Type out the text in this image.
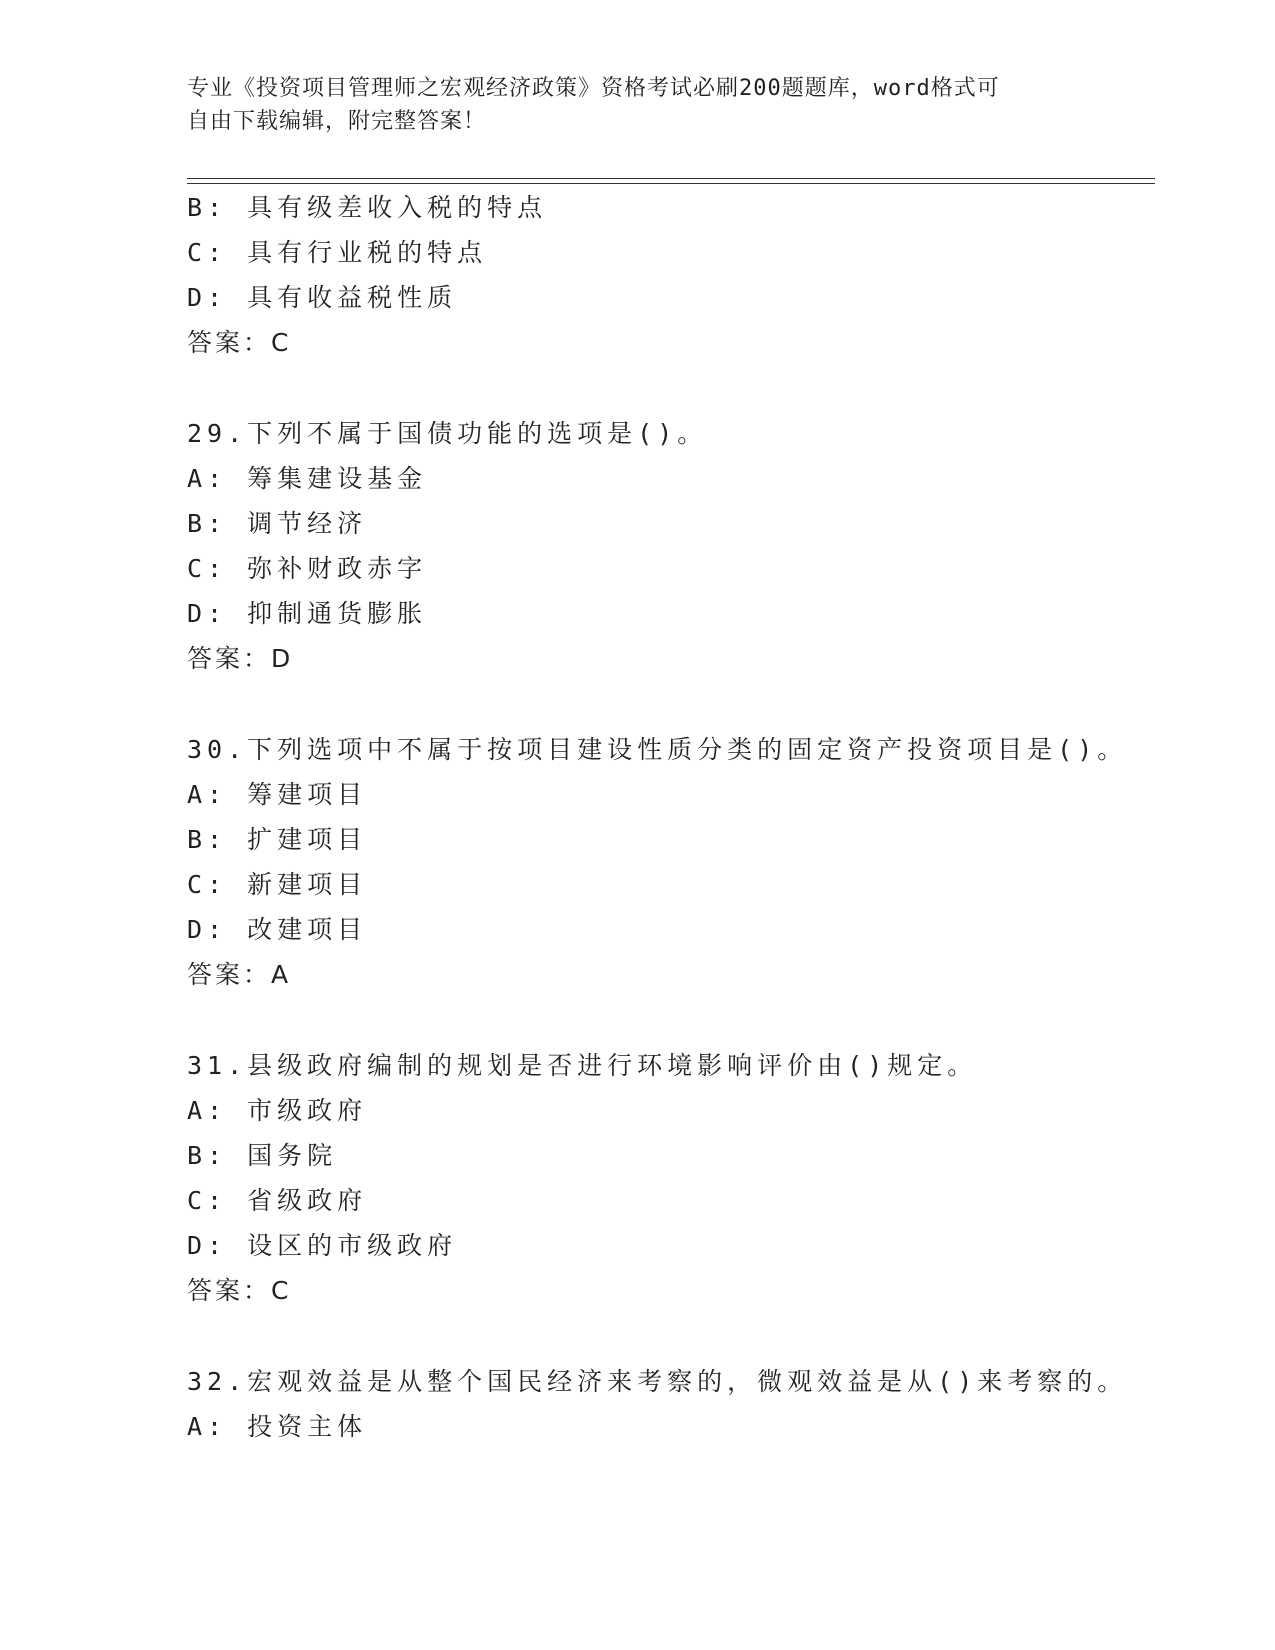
专业《投资项目管理师之宏观经济政策》资格考试必刷200题题库，word格式可
自由下载编辑，附完整答案！
B: 具有级差收入税的特点
C: 具有行业税的特点
D: 具有收益税性质
答案：C
29.下列不属于国债功能的选项是()。
A: 筹集建设基金
B: 调节经济
C: 弥补财政赤字
D: 抑制通货膨胀
答案：D
30.下列选项中不属于按项目建设性质分类的固定资产投资项目是()。
A: 筹建项目
B: 扩建项目
C: 新建项目
D: 改建项目
答案：A
31.县级政府编制的规划是否进行环境影响评价由()规定。
A: 市级政府
B: 国务院
C: 省级政府
D: 设区的市级政府
答案：C
32.宏观效益是从整个国民经济来考察的，微观效益是从()来考察的。
A: 投资主体
